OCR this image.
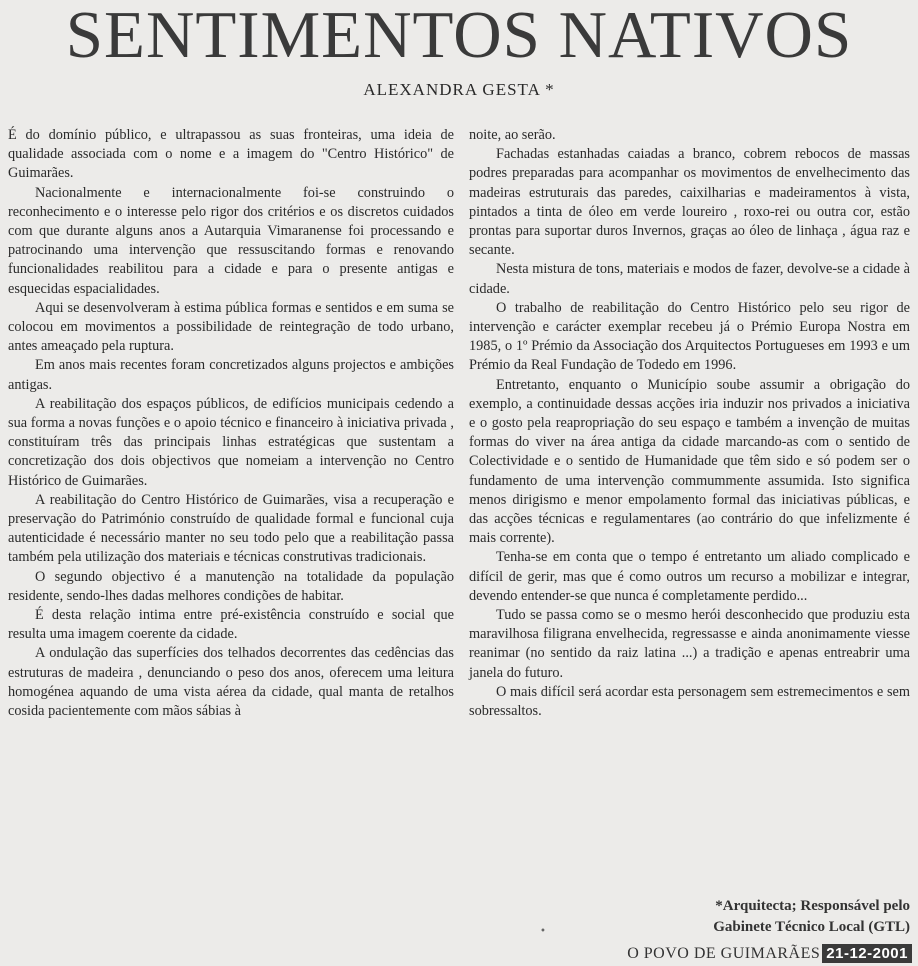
SENTIMENTOS NATIVOS
ALEXANDRA GESTA *

É do domínio público, e ultrapassou as suas fronteiras, uma ideia de qualidade associada com o nome e a imagem do "Centro Histórico" de Guimarães.

Nacionalmente e internacionalmente foi-se construindo o reconhecimento e o interesse pelo rigor dos critérios e os discretos cuidados com que durante alguns anos a Autarquia Vimaranense foi processando e patrocinando uma intervenção que ressuscitando formas e renovando funcionalidades reabilitou para a cidade e para o presente antigas e esquecidas espacialidades.

Aqui se desenvolveram à estima pública formas e sentidos e em suma se colocou em movimentos a possibilidade de reintegração de todo urbano, antes ameaçado pela ruptura.

Em anos mais recentes foram concretizados alguns projectos e ambições antigas.

A reabilitação dos espaços públicos, de edifícios municipais cedendo a sua forma a novas funções e o apoio técnico e financeiro à iniciativa privada , constituíram três das principais linhas estratégicas que sustentam a concretização dos dois objectivos que nomeiam a intervenção no Centro Histórico de Guimarães.

A reabilitação do Centro Histórico de Guimarães, visa a recuperação e preservação do Património construído de qualidade formal e funcional cuja autenticidade é necessário manter no seu todo pelo que a reabilitação passa também pela utilização dos materiais e técnicas construtivas tradicionais.

O segundo objectivo é a manutenção na totalidade da população residente, sendo-lhes dadas melhores condições de habitar.

É desta relação intima entre pré-existência construído e social que resulta uma imagem coerente da cidade.

A ondulação das superfícies dos telhados decorrentes das cedências das estruturas de madeira , denunciando o peso dos anos, oferecem uma leitura homogénea aquando de uma vista aérea da cidade, qual manta de retalhos cosida pacientemente com mãos sábias à

noite, ao serão.

Fachadas estanhadas caiadas a branco, cobrem rebocos de massas podres preparadas para acompanhar os movimentos de envelhecimento das madeiras estruturais das paredes, caixilharias e madeiramentos à vista, pintados a tinta de óleo em verde loureiro , roxo-rei ou outra cor, estão prontas para suportar duros Invernos, graças ao óleo de linhaça , água raz e secante.

Nesta mistura de tons, materiais e modos de fazer, devolve-se a cidade à cidade.

O trabalho de reabilitação do Centro Histórico pelo seu rigor de intervenção e carácter exemplar recebeu já o Prémio Europa Nostra em 1985, o 1º Prémio da Associação dos Arquitectos Portugueses em 1993 e um Prémio da Real Fundação de Todedo em 1996.

Entretanto, enquanto o Município soube assumir a obrigação do exemplo, a continuidade dessas acções iria induzir nos privados a iniciativa e o gosto pela reapropriação do seu espaço e também a invenção de muitas formas do viver na área antiga da cidade marcando-as com o sentido de Colectividade e o sentido de Humanidade que têm sido e só podem ser o fundamento de uma intervenção commummente assumida. Isto significa menos dirigismo e menor empolamento formal das iniciativas públicas, e das acções técnicas e regulamentares (ao contrário do que infelizmente é mais corrente).

Tenha-se em conta que o tempo é entretanto um aliado complicado e difícil de gerir, mas que é como outros um recurso a mobilizar e integrar, devendo entender-se que nunca é completamente perdido...

Tudo se passa como se o mesmo herói desconhecido que produziu esta maravilhosa filigrana envelhecida, regressasse e ainda anonimamente viesse reanimar (no sentido da raiz latina ...) a tradição e apenas entreabrir uma janela do futuro.

O mais difícil será acordar esta personagem sem estremecimentos e sem sobressaltos.

*Arquitecta; Responsável pelo
Gabinete Técnico Local (GTL)
•
O POVO DE GUIMARÃES 21-12-2001
